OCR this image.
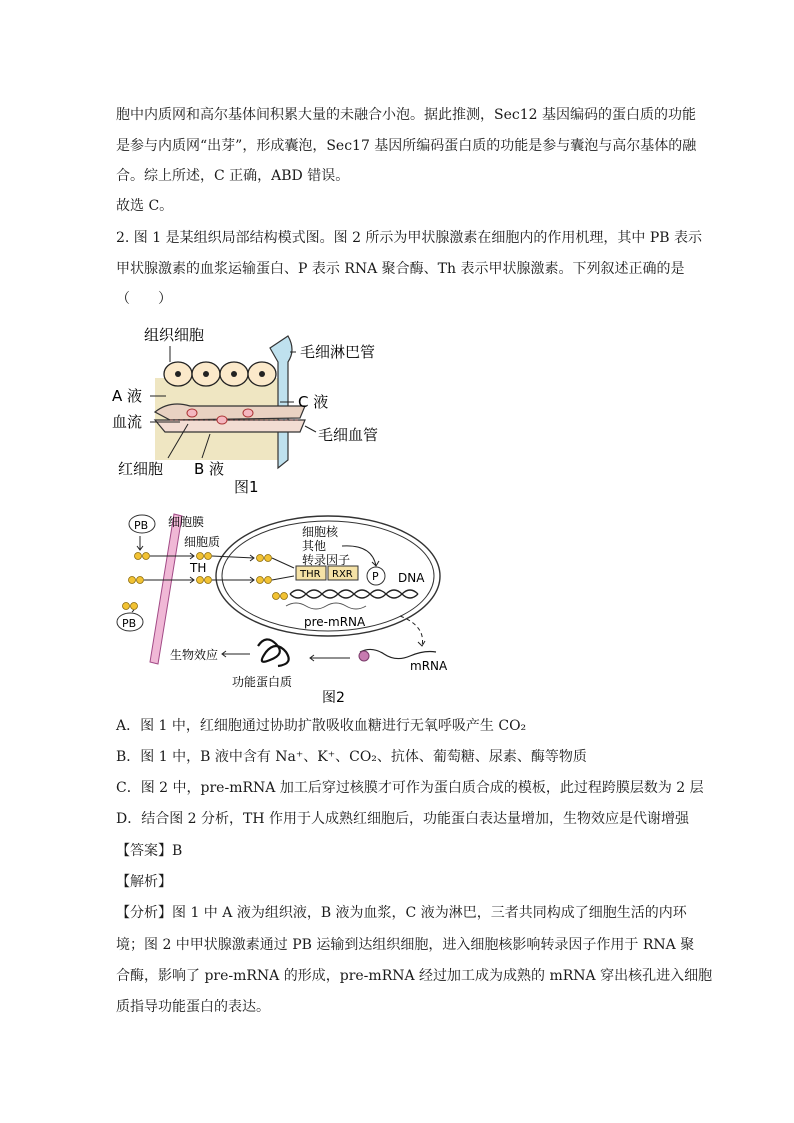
胞中内质网和高尔基体间积累大量的未融合小泡。据此推测，Sec12 基因编码的蛋白质的功能
是参与内质网“出芽”，形成囊泡，Sec17 基因所编码蛋白质的功能是参与囊泡与高尔基体的融
合。综上所述，C 正确，ABD 错误。
故选 C。
2. 图 1 是某组织局部结构模式图。图 2 所示为甲状腺激素在细胞内的作用机理，其中 PB 表示
甲状腺激素的血浆运输蛋白、P 表示 RNA 聚合酶、Th 表示甲状腺激素。下列叙述正确的是
（　　）
组织细胞
毛细淋巴管
A 液	C 液
血流
毛细血管
红细胞 B 液
图1
PB
PB
THR RXR P
细胞膜
细胞质
TH
细胞核
其他
转录因子
DNA
pre-mRNA
生物效应
mRNA
功能蛋白质
图2
A．图 1 中，红细胞通过协助扩散吸收血糖进行无氧呼吸产生 CO₂
B．图 1 中，B 液中含有 Na⁺、K⁺、CO₂、抗体、葡萄糖、尿素、酶等物质
C．图 2 中，pre-mRNA 加工后穿过核膜才可作为蛋白质合成的模板，此过程跨膜层数为 2 层
D．结合图 2 分析，TH 作用于人成熟红细胞后，功能蛋白表达量增加，生物效应是代谢增强
【答案】B
【解析】
【分析】图 1 中 A 液为组织液，B 液为血浆，C 液为淋巴，三者共同构成了细胞生活的内环
境；图 2 中甲状腺激素通过 PB 运输到达组织细胞，进入细胞核影响转录因子作用于 RNA 聚
合酶，影响了 pre-mRNA 的形成，pre-mRNA 经过加工成为成熟的 mRNA 穿出核孔进入细胞
质指导功能蛋白的表达。
